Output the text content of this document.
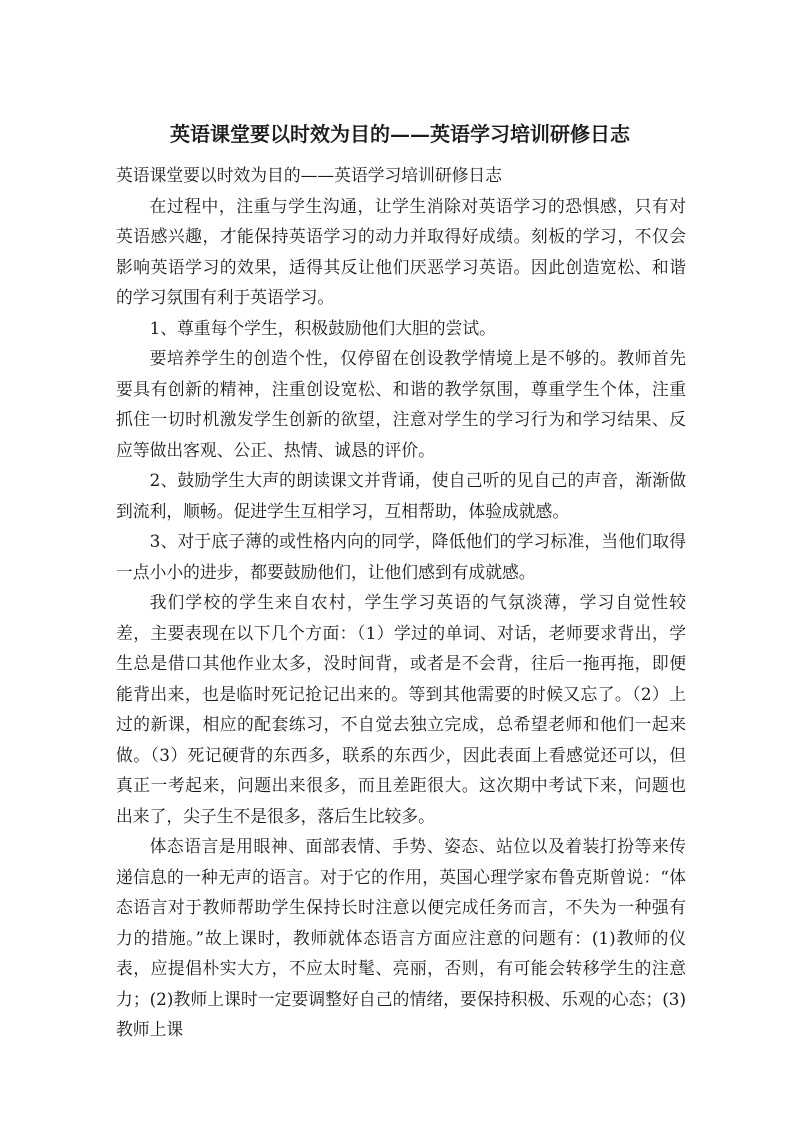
英语课堂要以时效为目的——英语学习培训研修日志

英语课堂要以时效为目的——英语学习培训研修日志

在过程中，注重与学生沟通，让学生消除对英语学习的恐惧感，只有对英语感兴趣，才能保持英语学习的动力并取得好成绩。刻板的学习，不仅会影响英语学习的效果，适得其反让他们厌恶学习英语。因此创造宽松、和谐的学习氛围有利于英语学习。

1、尊重每个学生，积极鼓励他们大胆的尝试。

要培养学生的创造个性，仅停留在创设教学情境上是不够的。教师首先要具有创新的精神，注重创设宽松、和谐的教学氛围，尊重学生个体，注重抓住一切时机激发学生创新的欲望，注意对学生的学习行为和学习结果、反应等做出客观、公正、热情、诚恳的评价。

2、鼓励学生大声的朗读课文并背诵，使自己听的见自己的声音，渐渐做到流利，顺畅。促进学生互相学习，互相帮助，体验成就感。

3、对于底子薄的或性格内向的同学，降低他们的学习标准，当他们取得一点小小的进步，都要鼓励他们，让他们感到有成就感。

我们学校的学生来自农村，学生学习英语的气氛淡薄，学习自觉性较差，主要表现在以下几个方面：（1）学过的单词、对话，老师要求背出，学生总是借口其他作业太多，没时间背，或者是不会背，往后一拖再拖，即便能背出来，也是临时死记抢记出来的。等到其他需要的时候又忘了。（2）上过的新课，相应的配套练习，不自觉去独立完成，总希望老师和他们一起来做。（3）死记硬背的东西多，联系的东西少，因此表面上看感觉还可以，但真正一考起来，问题出来很多，而且差距很大。这次期中考试下来，问题也出来了，尖子生不是很多，落后生比较多。

体态语言是用眼神、面部表情、手势、姿态、站位以及着装打扮等来传递信息的一种无声的语言。对于它的作用，英国心理学家布鲁克斯曾说：“体态语言对于教师帮助学生保持长时注意以便完成任务而言，不失为一种强有力的措施。”故上课时，教师就体态语言方面应注意的问题有：(1)教师的仪表，应提倡朴实大方，不应太时髦、亮丽，否则，有可能会转移学生的注意力；(2)教师上课时一定要调整好自己的情绪，要保持积极、乐观的心态；(3)教师上课
